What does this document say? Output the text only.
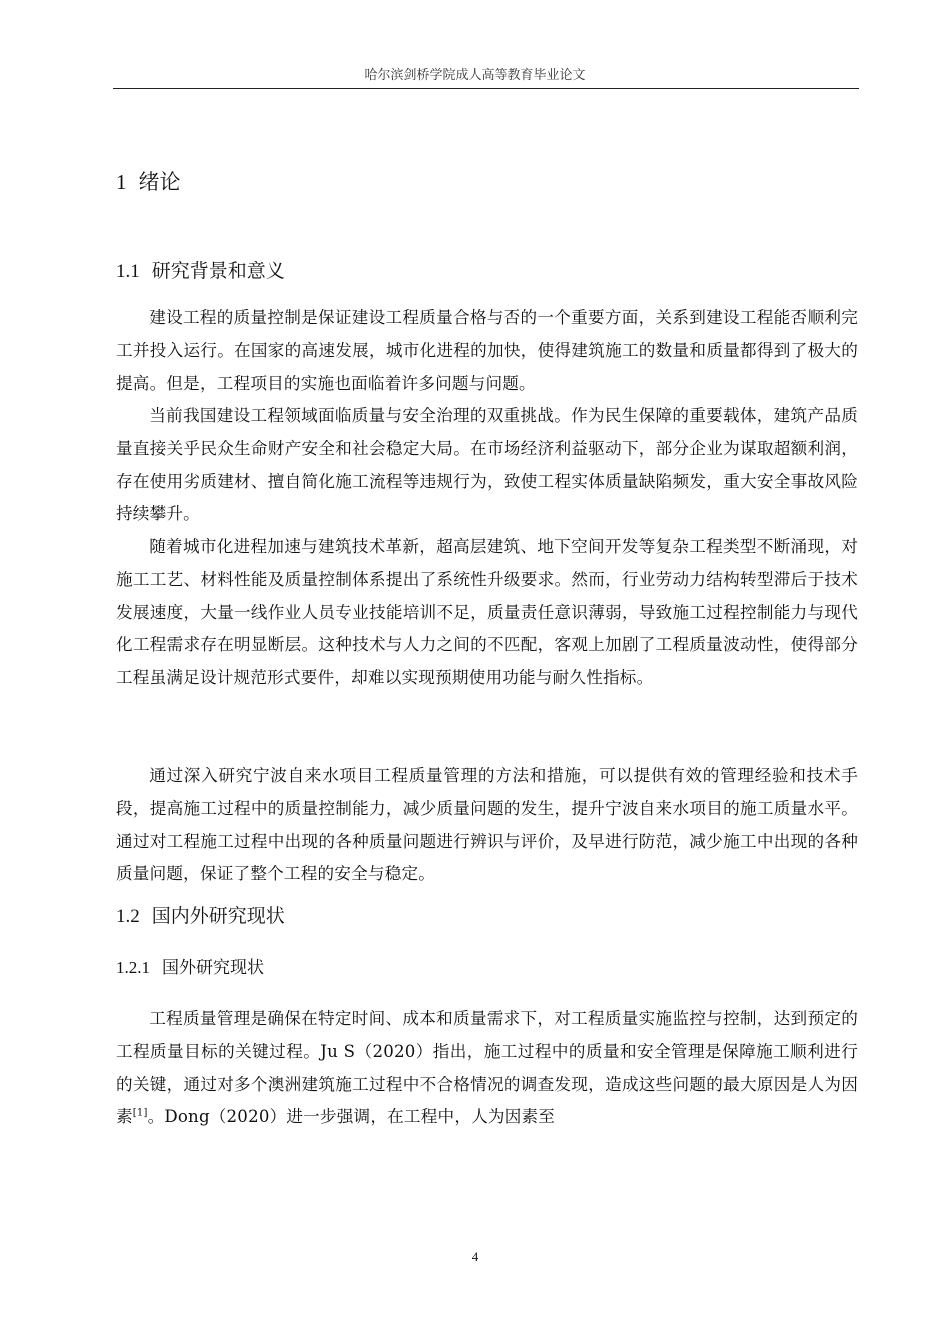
哈尔滨剑桥学院成人高等教育毕业论文
1 绪论
1.1 研究背景和意义

建设工程的质量控制是保证建设工程质量合格与否的一个重要方面，关系到建设工程能否顺利完工并投入运行。在国家的高速发展，城市化进程的加快，使得建筑施工的数量和质量都得到了极大的提高。但是，工程项目的实施也面临着许多问题与问题。

当前我国建设工程领域面临质量与安全治理的双重挑战。作为民生保障的重要载体，建筑产品质量直接关乎民众生命财产安全和社会稳定大局。在市场经济利益驱动下，部分企业为谋取超额利润，存在使用劣质建材、擅自简化施工流程等违规行为，致使工程实体质量缺陷频发，重大安全事故风险持续攀升。

随着城市化进程加速与建筑技术革新，超高层建筑、地下空间开发等复杂工程类型不断涌现，对施工工艺、材料性能及质量控制体系提出了系统性升级要求。然而，行业劳动力结构转型滞后于技术发展速度，大量一线作业人员专业技能培训不足，质量责任意识薄弱，导致施工过程控制能力与现代化工程需求存在明显断层。这种技术与人力之间的不匹配，客观上加剧了工程质量波动性，使得部分工程虽满足设计规范形式要件，却难以实现预期使用功能与耐久性指标。

通过深入研究宁波自来水项目工程质量管理的方法和措施，可以提供有效的管理经验和技术手段，提高施工过程中的质量控制能力，减少质量问题的发生，提升宁波自来水项目的施工质量水平。通过对工程施工过程中出现的各种质量问题进行辨识与评价，及早进行防范，减少施工中出现的各种质量问题，保证了整个工程的安全与稳定。

1.2 国内外研究现状
1.2.1 国外研究现状

工程质量管理是确保在特定时间、成本和质量需求下，对工程质量实施监控与控制，达到预定的工程质量目标的关键过程。Ju S（2020）指出，施工过程中的质量和安全管理是保障施工顺利进行的关键，通过对多个澳洲建筑施工过程中不合格情况的调查发现，造成这些问题的最大原因是人为因素[1]。Dong（2020）进一步强调，在工程中，人为因素至

4
